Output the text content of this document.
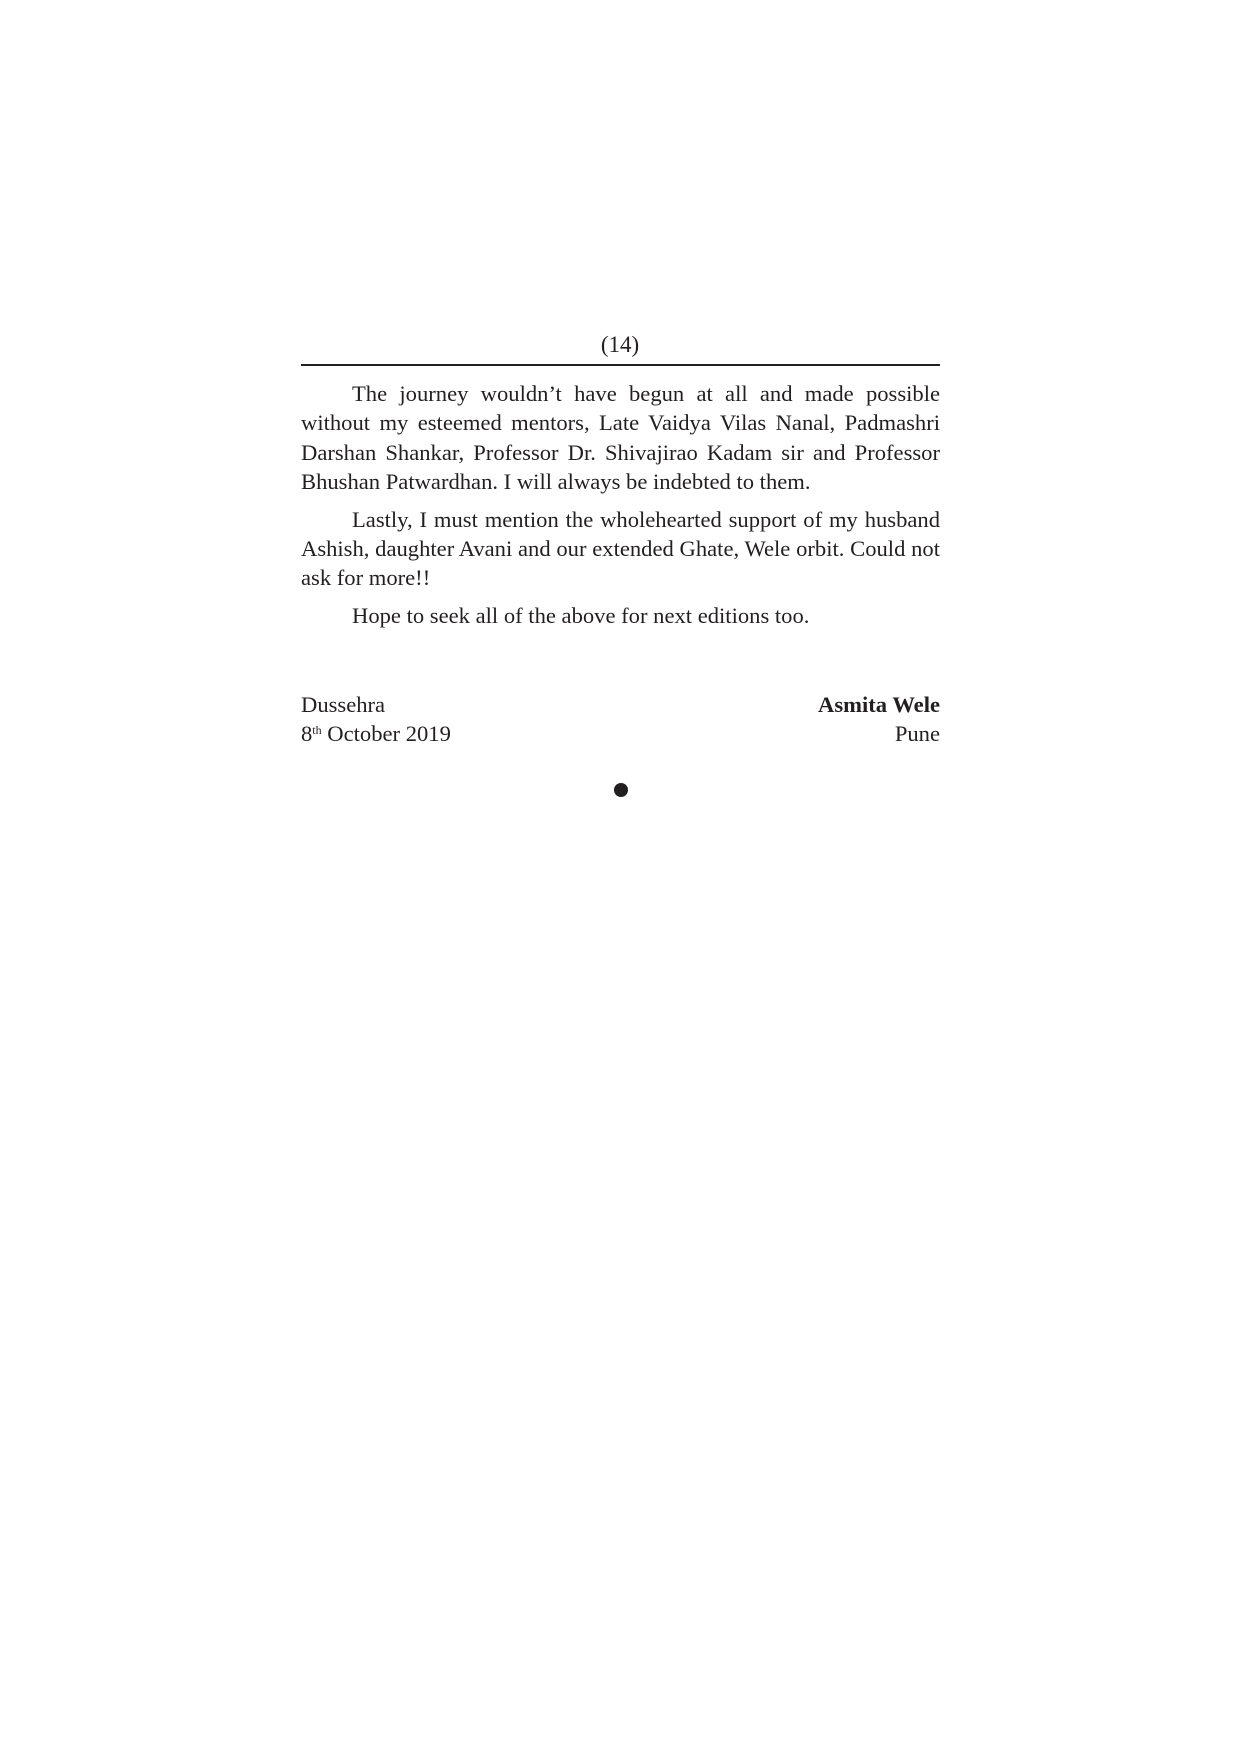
(14)

The journey wouldn’t have begun at all and made possible without my esteemed mentors, Late Vaidya Vilas Nanal, Padmashri Darshan Shankar, Professor Dr. Shivajirao Kadam sir and Professor Bhushan Patwardhan. I will always be indebted to them.

Lastly, I must mention the wholehearted support of my husband Ashish, daughter Avani and our extended Ghate, Wele orbit. Could not ask for more!!

Hope to seek all of the above for next editions too.

Dussehra
8th October 2019
Asmita Wele
Pune
